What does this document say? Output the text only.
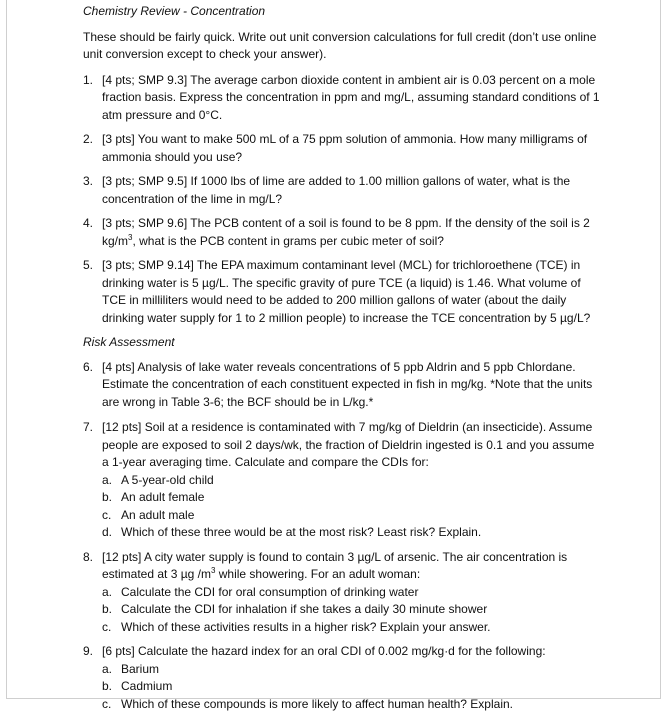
Chemistry Review - Concentration

These should be fairly quick. Write out unit conversion calculations for full credit (don’t use online unit conversion except to check your answer).

1. [4 pts; SMP 9.3] The average carbon dioxide content in ambient air is 0.03 percent on a mole fraction basis. Express the concentration in ppm and mg/L, assuming standard conditions of 1 atm pressure and 0°C.
2. [3 pts] You want to make 500 mL of a 75 ppm solution of ammonia. How many milligrams of ammonia should you use?
3. [3 pts; SMP 9.5] If 1000 lbs of lime are added to 1.00 million gallons of water, what is the concentration of the lime in mg/L?
4. [3 pts; SMP 9.6] The PCB content of a soil is found to be 8 ppm. If the density of the soil is 2 $kg/m^3$, what is the PCB content in grams per cubic meter of soil?
5. [3 pts; SMP 9.14] The EPA maximum contaminant level (MCL) for trichloroethene (TCE) in drinking water is 5 µg/L. The specific gravity of pure TCE (a liquid) is 1.46. What volume of TCE in milliliters would need to be added to 200 million gallons of water (about the daily drinking water supply for 1 to 2 million people) to increase the TCE concentration by 5 µg/L?

Risk Assessment

6. [4 pts] Analysis of lake water reveals concentrations of 5 ppb Aldrin and 5 ppb Chlordane. Estimate the concentration of each constituent expected in fish in mg/kg. *Note that the units are wrong in Table 3-6; the BCF should be in L/kg.*
7. [12 pts] Soil at a residence is contaminated with 7 mg/kg of Dieldrin (an insecticide). Assume people are exposed to soil 2 days/wk, the fraction of Dieldrin ingested is 0.1 and you assume a 1-year averaging time. Calculate and compare the CDIs for:
a. A 5-year-old child
b. An adult female
c. An adult male
d. Which of these three would be at the most risk? Least risk? Explain.
8. [12 pts] A city water supply is found to contain 3 µg/L of arsenic. The air concentration is estimated at 3 µg $/m^3$ while showering. For an adult woman:
a. Calculate the CDI for oral consumption of drinking water
b. Calculate the CDI for inhalation if she takes a daily 30 minute shower
c. Which of these activities results in a higher risk? Explain your answer.
9. [6 pts] Calculate the hazard index for an oral CDI of 0.002 mg/kg·d for the following:
a. Barium
b. Cadmium
c. Which of these compounds is more likely to affect human health? Explain.
